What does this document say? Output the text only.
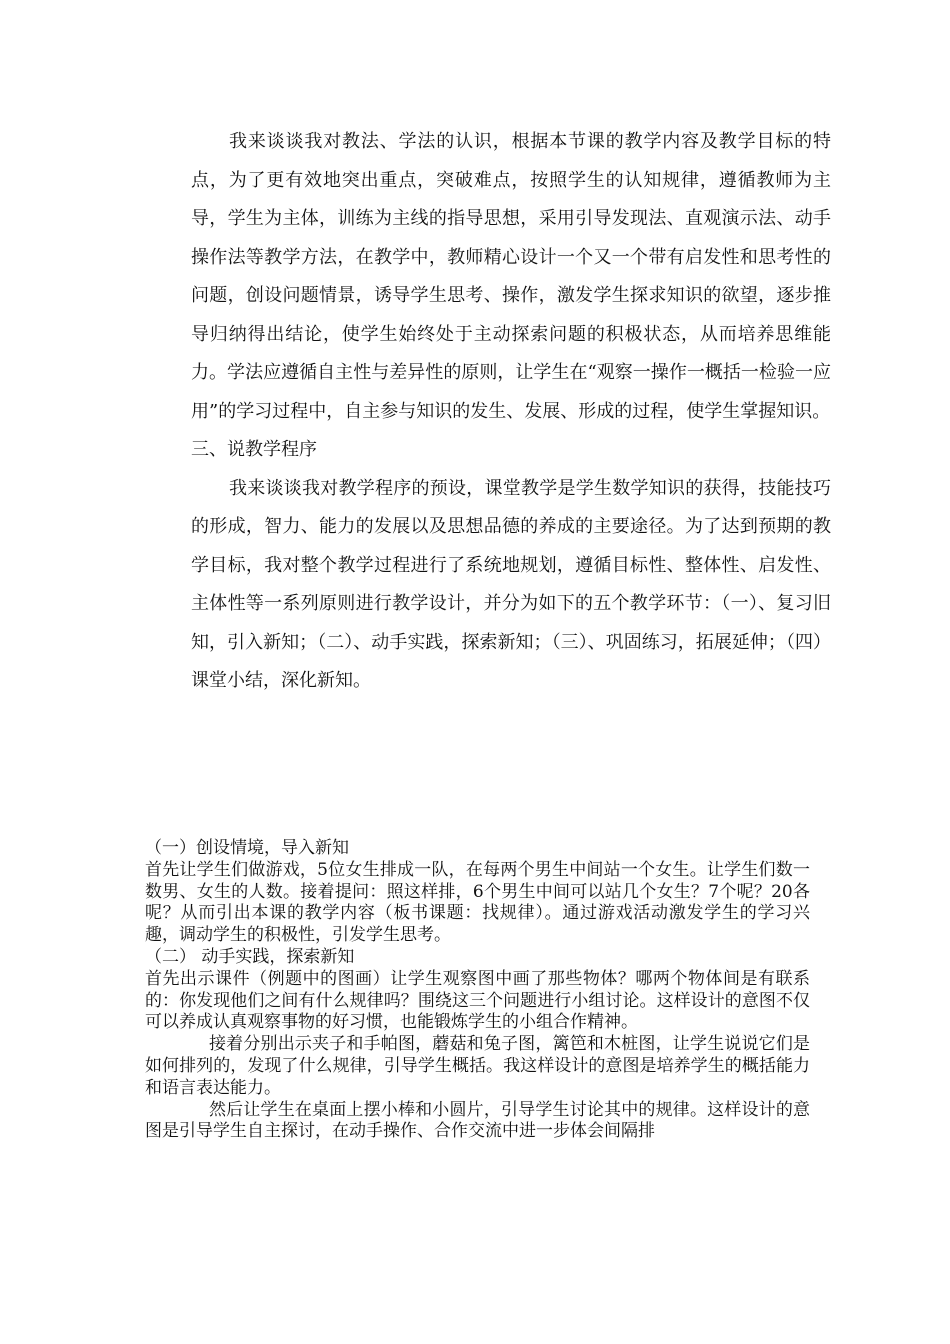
我来谈谈我对教法、学法的认识，根据本节课的教学内容及教学目标的特点，为了更有效地突出重点，突破难点，按照学生的认知规律，遵循教师为主导，学生为主体，训练为主线的指导思想，采用引导发现法、直观演示法、动手操作法等教学方法，在教学中，教师精心设计一个又一个带有启发性和思考性的问题，创设问题情景，诱导学生思考、操作，激发学生探求知识的欲望，逐步推导归纳得出结论，使学生始终处于主动探索问题的积极状态，从而培养思维能力。学法应遵循自主性与差异性的原则，让学生在“观察一操作一概括一检验一应用”的学习过程中，自主参与知识的发生、发展、形成的过程，使学生掌握知识。

三、说教学程序

我来谈谈我对教学程序的预设，课堂教学是学生数学知识的获得，技能技巧的形成，智力、能力的发展以及思想品德的养成的主要途径。为了达到预期的教学目标，我对整个教学过程进行了系统地规划，遵循目标性、整体性、启发性、主体性等一系列原则进行教学设计，并分为如下的五个教学环节：（一）、复习旧知，引入新知；（二）、动手实践，探索新知；（三）、巩固练习，拓展延伸；（四）课堂小结，深化新知。

（一）创设情境，导入新知

首先让学生们做游戏，5位女生排成一队，在每两个男生中间站一个女生。让学生们数一数男、女生的人数。接着提问：照这样排，6个男生中间可以站几个女生？7个呢？20各呢？从而引出本课的教学内容（板书课题：找规律）。通过游戏活动激发学生的学习兴趣，调动学生的积极性，引发学生思考。

（二） 动手实践，探索新知

首先出示课件（例题中的图画）让学生观察图中画了那些物体？哪两个物体间是有联系的：你发现他们之间有什么规律吗？围绕这三个问题进行小组讨论。这样设计的意图不仅可以养成认真观察事物的好习惯，也能锻炼学生的小组合作精神。

接着分别出示夹子和手帕图，蘑菇和兔子图，篱笆和木桩图，让学生说说它们是如何排列的，发现了什么规律，引导学生概括。我这样设计的意图是培养学生的概括能力和语言表达能力。

然后让学生在桌面上摆小棒和小圆片，引导学生讨论其中的规律。这样设计的意图是引导学生自主探讨，在动手操作、合作交流中进一步体会间隔排
